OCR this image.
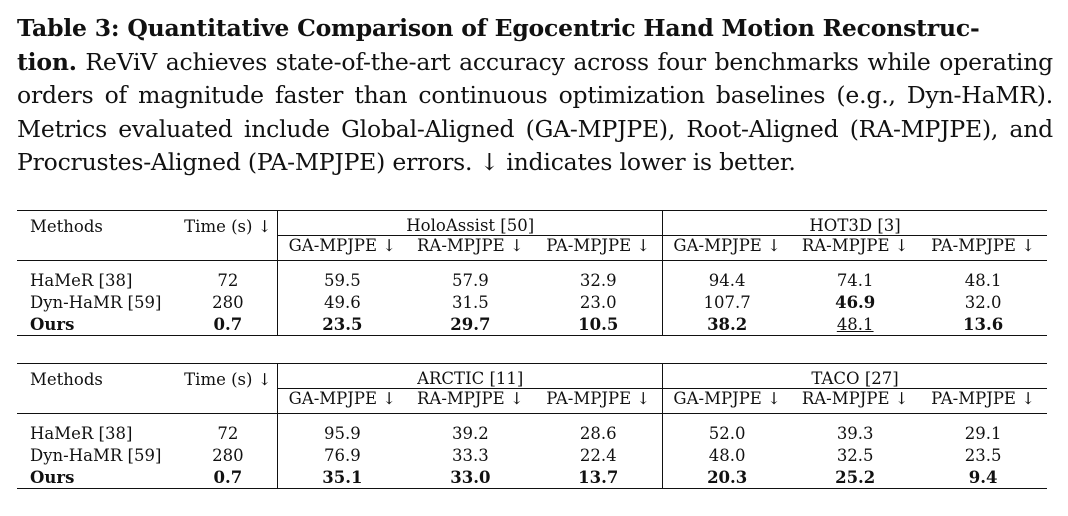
Table 3: Quantitative Comparison of Egocentric Hand Motion Reconstruc-
tion. ReViV achieves state-of-the-art accuracy across four benchmarks while operating orders of magnitude faster than continuous optimization baselines (e.g., Dyn-HaMR). Metrics evaluated include Global-Aligned (GA-MPJPE), Root-Aligned (RA-MPJPE), and Procrustes-Aligned (PA-MPJPE) errors. ↓ indicates lower is better.
Methods	Time (s) ↓	HoloAssist [50]			HOT3D [3]		
		GA-MPJPE ↓	RA-MPJPE ↓	PA-MPJPE ↓	GA-MPJPE ↓	RA-MPJPE ↓	PA-MPJPE ↓

HaMeR [38]	72	59.5	57.9	32.9	94.4	74.1	48.1
Dyn-HaMR [59]	280	49.6	31.5	23.0	107.7	46.9	32.0
Ours	0.7	23.5	29.7	10.5	38.2	48.1	13.6
Methods	Time (s) ↓	ARCTIC [11]			TACO [27]		
		GA-MPJPE ↓	RA-MPJPE ↓	PA-MPJPE ↓	GA-MPJPE ↓	RA-MPJPE ↓	PA-MPJPE ↓

HaMeR [38]	72	95.9	39.2	28.6	52.0	39.3	29.1
Dyn-HaMR [59]	280	76.9	33.3	22.4	48.0	32.5	23.5
Ours	0.7	35.1	33.0	13.7	20.3	25.2	9.4
